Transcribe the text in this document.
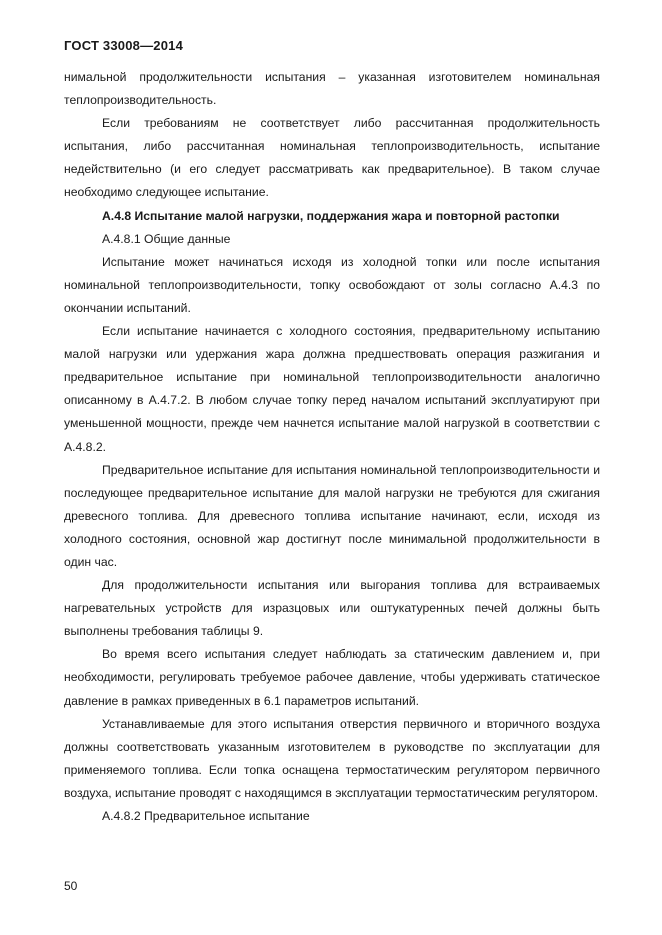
ГОСТ 33008—2014

нимальной продолжительности испытания – указанная изготовителем номинальная теплопроизводительность.

Если требованиям не соответствует либо рассчитанная продолжительность испытания, либо рассчитанная номинальная теплопроизводительность, испытание недействительно (и его следует рассматривать как предварительное). В таком случае необходимо следующее испытание.

А.4.8 Испытание малой нагрузки, поддержания жара и повторной растопки

А.4.8.1 Общие данные

Испытание может начинаться исходя из холодной топки или после испытания номинальной теплопроизводительности, топку освобождают от золы согласно А.4.3 по окончании испытаний.

Если испытание начинается с холодного состояния, предварительному испытанию малой нагрузки или удержания жара должна предшествовать операция разжигания и предварительное испытание при номинальной теплопроизводительности аналогично описанному в А.4.7.2. В любом случае топку перед началом испытаний эксплуатируют при уменьшенной мощности, прежде чем начнется испытание малой нагрузкой в соответствии с А.4.8.2.

Предварительное испытание для испытания номинальной теплопроизводительности и последующее предварительное испытание для малой нагрузки не требуются для сжигания древесного топлива. Для древесного топлива испытание начинают, если, исходя из холодного состояния, основной жар достигнут после минимальной продолжительности в один час.

Для продолжительности испытания или выгорания топлива для встраиваемых нагревательных устройств для изразцовых или оштукатуренных печей должны быть выполнены требования таблицы 9.

Во время всего испытания следует наблюдать за статическим давлением и, при необходимости, регулировать требуемое рабочее давление, чтобы удерживать статическое давление в рамках приведенных в 6.1 параметров испытаний.

Устанавливаемые для этого испытания отверстия первичного и вторичного воздуха должны соответствовать указанным изготовителем в руководстве по эксплуатации для применяемого топлива. Если топка оснащена термостатическим регулятором первичного воздуха, испытание проводят с находящимся в эксплуатации термостатическим регулятором.

А.4.8.2 Предварительное испытание

50
